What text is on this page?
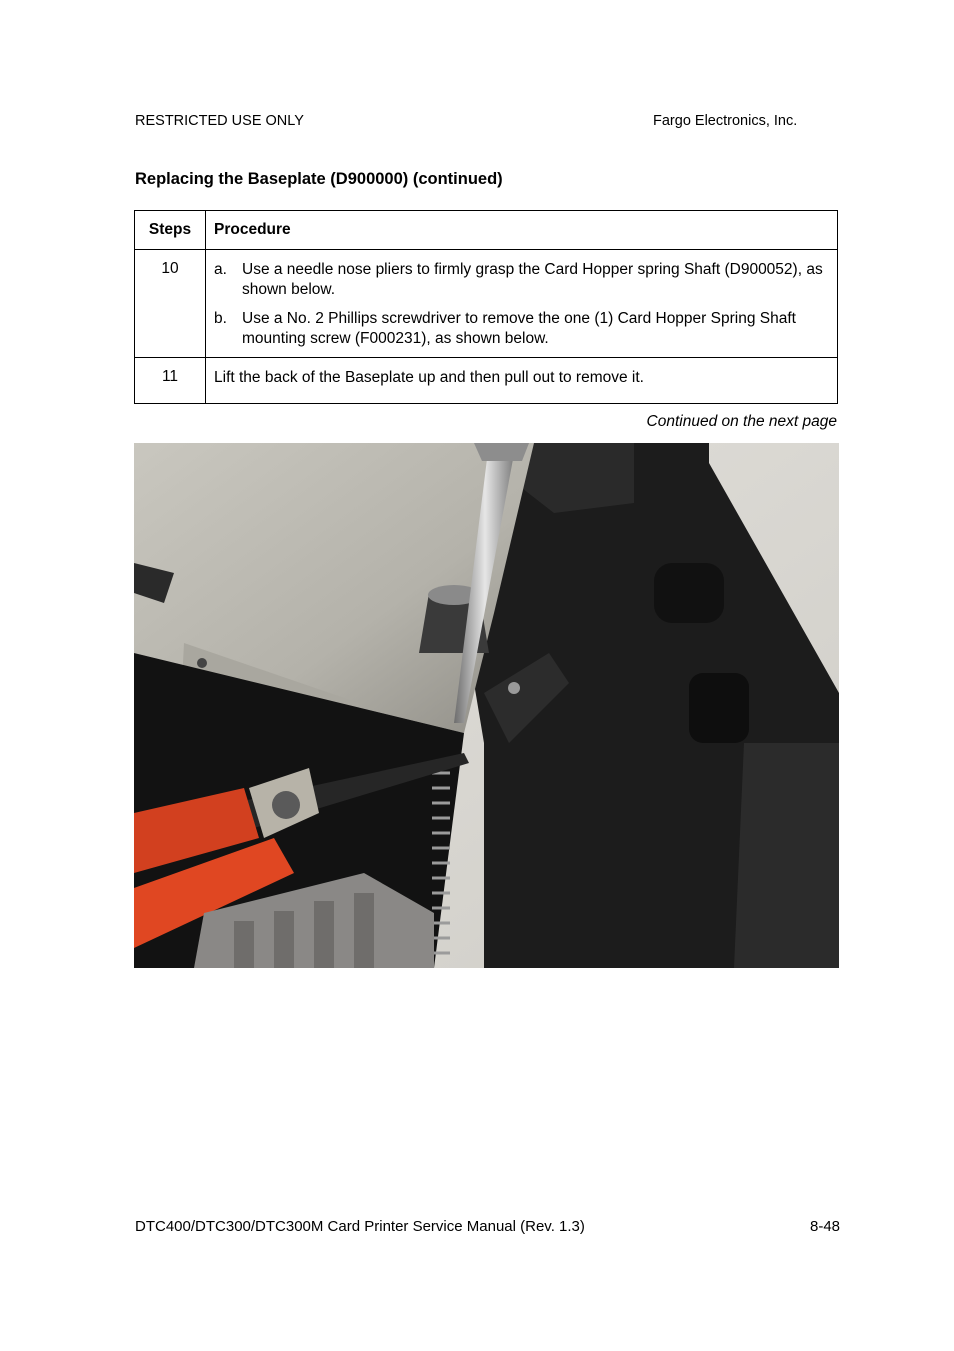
RESTRICTED USE ONLY	Fargo Electronics, Inc.
Replacing the Baseplate (D900000) (continued)
Steps	Procedure
10	a. Use a needle nose pliers to firmly grasp the Card Hopper spring Shaft (D900052), as shown below.
b. Use a No. 2 Phillips screwdriver to remove the one (1) Card Hopper Spring Shaft mounting screw (F000231), as shown below.

11	Lift the back of the Baseplate up and then pull out to remove it.
Continued on the next page
DTC400/DTC300/DTC300M Card Printer Service Manual (Rev. 1.3)	8-48
